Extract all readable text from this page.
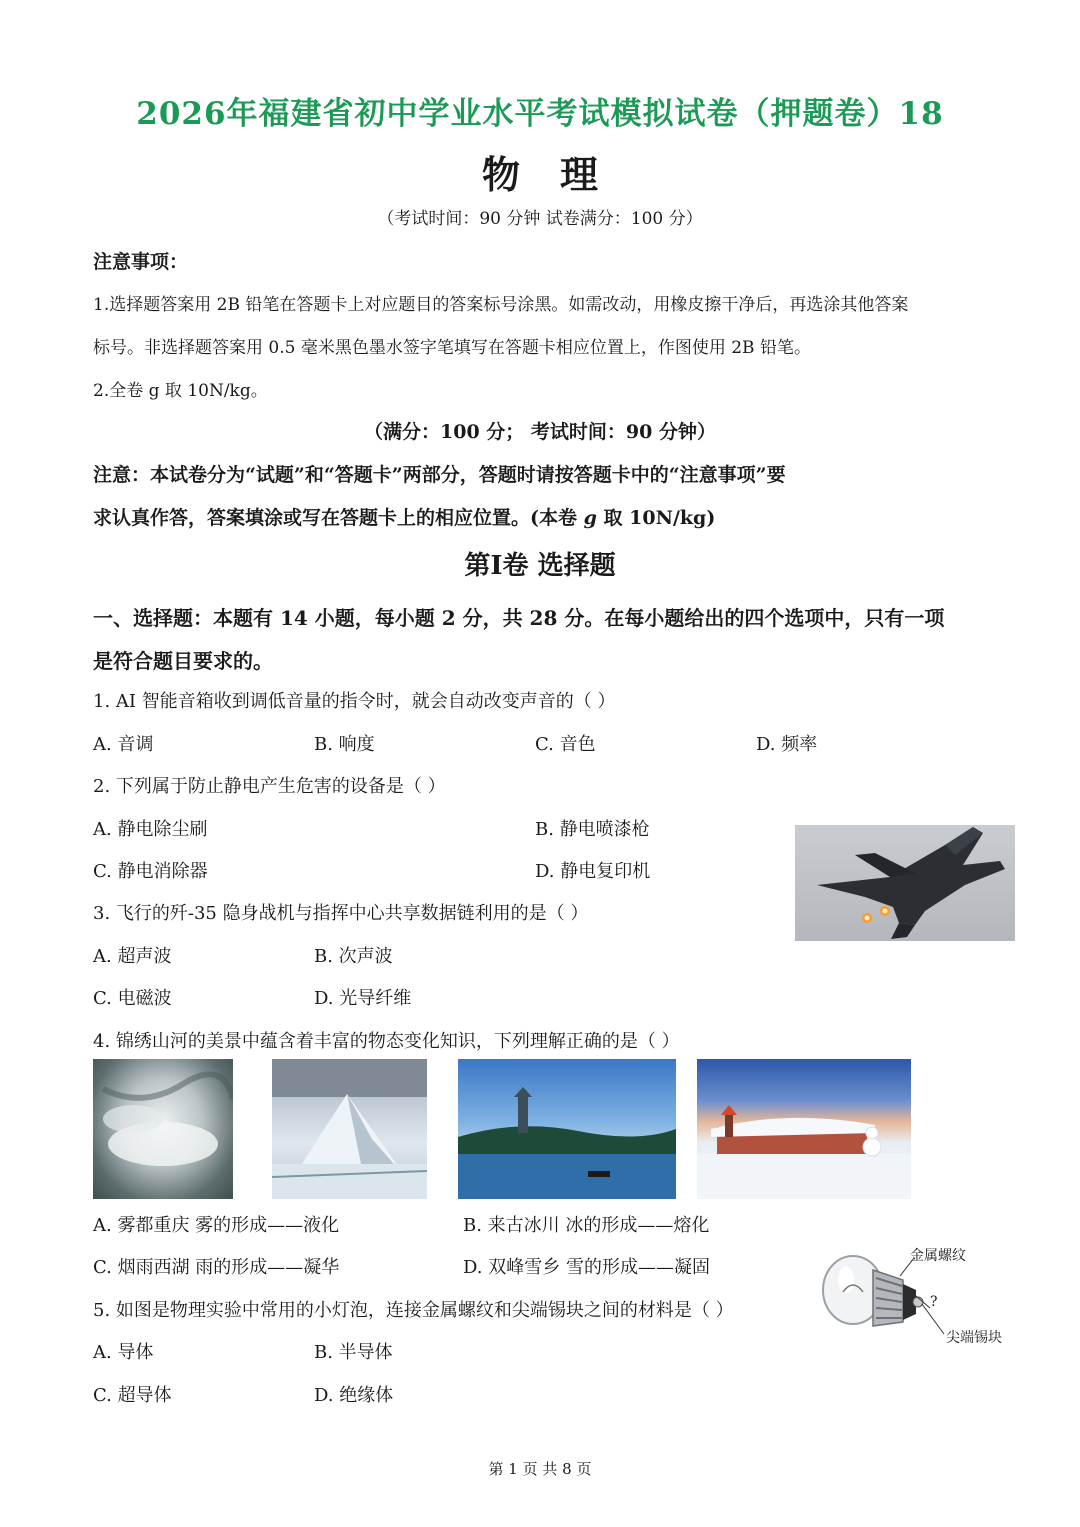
2026年福建省初中学业水平考试模拟试卷（押题卷）18
物理
（考试时间：90 分钟 试卷满分：100 分）
注意事项：
1.选择题答案用 2B 铅笔在答题卡上对应题目的答案标号涂黑。如需改动，用橡皮擦干净后，再选涂其他答案
标号。非选择题答案用 0.5 毫米黑色墨水签字笔填写在答题卡相应位置上，作图使用 2B 铅笔。
2.全卷 g 取 10N/kg。
（满分：100 分； 考试时间：90 分钟）
注意：本试卷分为“试题”和“答题卡”两部分，答题时请按答题卡中的“注意事项”要
求认真作答，答案填涂或写在答题卡上的相应位置。(本卷 g 取 10N/kg)
第Ⅰ卷 选择题
一、选择题：本题有 14 小题，每小题 2 分，共 28 分。在每小题给出的四个选项中，只有一项
是符合题目要求的。
1. AI 智能音箱收到调低音量的指令时，就会自动改变声音的（ ）
A. 音调	B. 响度	C. 音色	D. 频率
2. 下列属于防止静电产生危害的设备是（ ）
A. 静电除尘刷	B. 静电喷漆枪
C. 静电消除器	D. 静电复印机
3. 飞行的歼-35 隐身战机与指挥中心共享数据链利用的是（ ）
A. 超声波	B. 次声波
C. 电磁波	D. 光导纤维
4. 锦绣山河的美景中蕴含着丰富的物态变化知识，下列理解正确的是（ ）
A. 雾都重庆 雾的形成——液化	B. 来古冰川 冰的形成——熔化
C. 烟雨西湖 雨的形成——凝华	D. 双峰雪乡 雪的形成——凝固
金属螺纹
?
尖端锡块
5. 如图是物理实验中常用的小灯泡，连接金属螺纹和尖端锡块之间的材料是（ ）
A. 导体	B. 半导体
C. 超导体	D. 绝缘体
第 1 页 共 8 页
